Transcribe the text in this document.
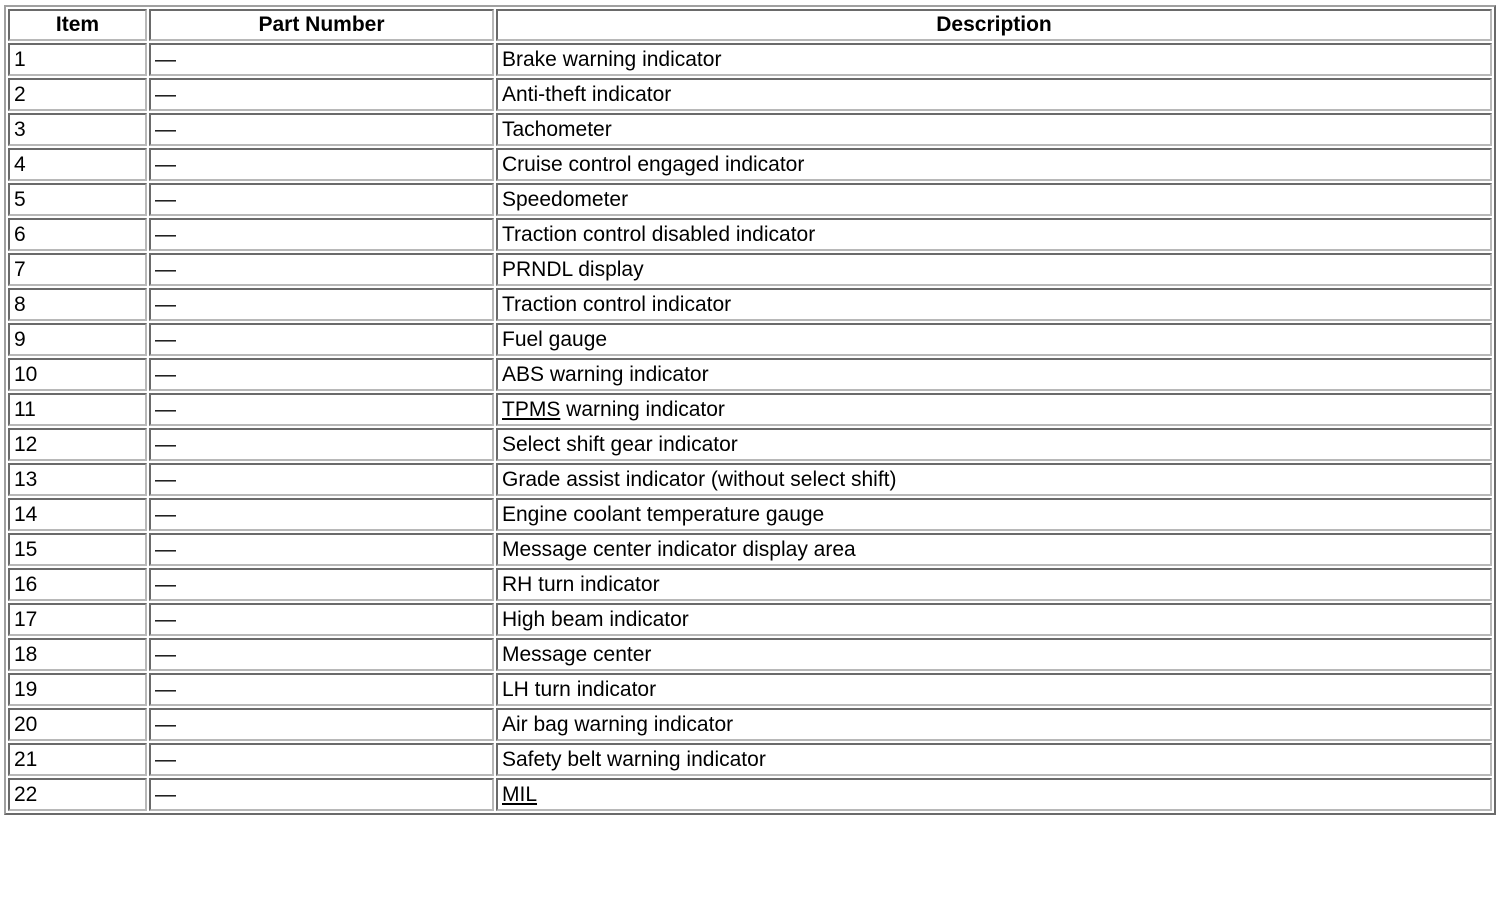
Item	Part Number	Description
1	—	Brake warning indicator
2	—	Anti-theft indicator
3	—	Tachometer
4	—	Cruise control engaged indicator
5	—	Speedometer
6	—	Traction control disabled indicator
7	—	PRNDL display
8	—	Traction control indicator
9	—	Fuel gauge
10	—	ABS warning indicator
11	—	TPMS warning indicator
12	—	Select shift gear indicator
13	—	Grade assist indicator (without select shift)
14	—	Engine coolant temperature gauge
15	—	Message center indicator display area
16	—	RH turn indicator
17	—	High beam indicator
18	—	Message center
19	—	LH turn indicator
20	—	Air bag warning indicator
21	—	Safety belt warning indicator
22	—	MIL
